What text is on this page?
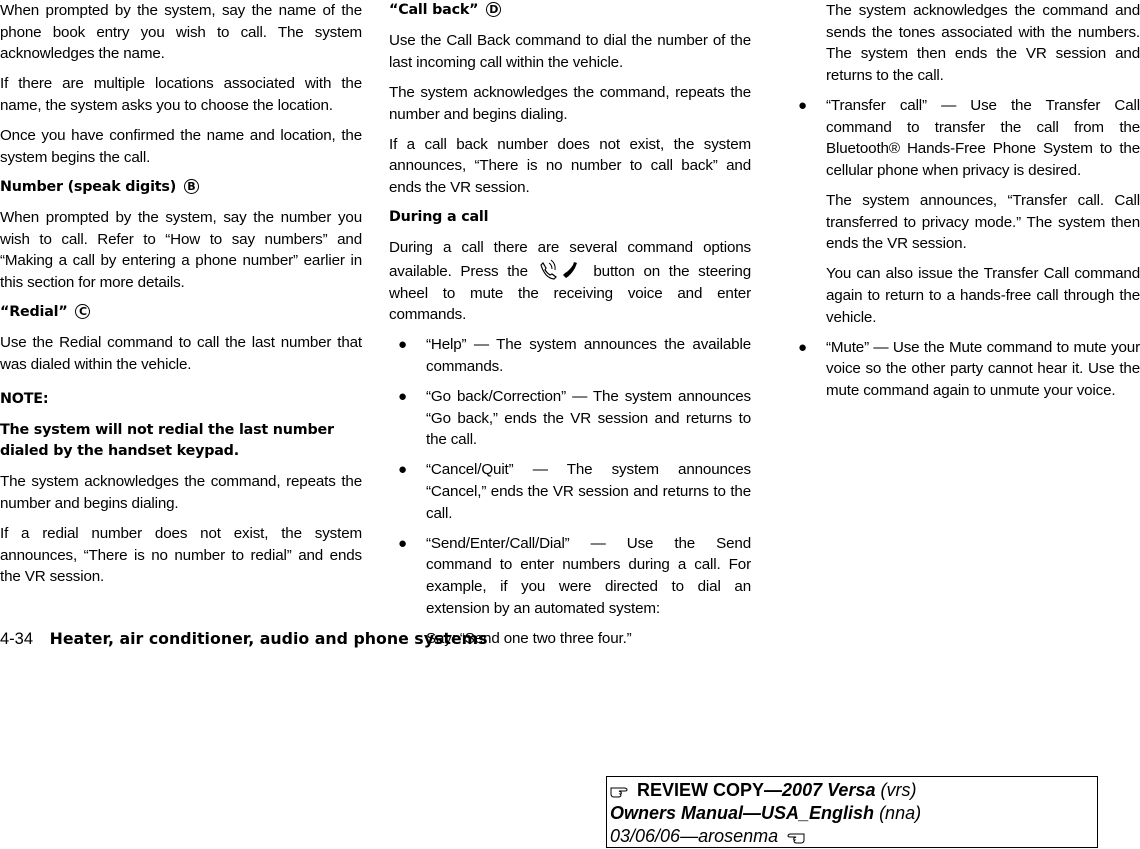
When prompted by the system, say the name of the phone book entry you wish to call. The system acknowledges the name.

If there are multiple locations associated with the name, the system asks you to choose the location.

Once you have confirmed the name and location, the system begins the call.

Number (speak digits) B

When prompted by the system, say the number you wish to call. Refer to “How to say numbers” and “Making a call by entering a phone number” earlier in this section for more details.

“Redial” C

Use the Redial command to call the last number that was dialed within the vehicle.

NOTE:
The system will not redial the last number dialed by the handset keypad.

The system acknowledges the command, repeats the number and begins dialing.

If a redial number does not exist, the system announces, “There is no number to redial” and ends the VR session.

“Call back” D

Use the Call Back command to dial the number of the last incoming call within the vehicle.

The system acknowledges the command, repeats the number and begins dialing.

If a call back number does not exist, the system announces, “There is no number to call back” and ends the VR session.

During a call

During a call there are several command options available. Press the	button on the steering wheel to mute the receiving voice and enter commands.

● “Help” — The system announces the available commands.

● “Go back/Correction” — The system announces “Go back,” ends the VR session and returns to the call.

● “Cancel/Quit” — The system announces “Cancel,” ends the VR session and returns to the call.

● “Send/Enter/Call/Dial” — Use the Send command to enter numbers during a call. For example, if you were directed to dial an extension by an automated system:

Say: “Send one two three four.”

The system acknowledges the command and sends the tones associated with the numbers. The system then ends the VR session and returns to the call.

● “Transfer call” — Use the Transfer Call command to transfer the call from the Bluetooth® Hands-Free Phone System to the cellular phone when privacy is desired.

The system announces, “Transfer call. Call transferred to privacy mode.” The system then ends the VR session.

You can also issue the Transfer Call command again to return to a hands-free call through the vehicle.

● “Mute” — Use the Mute command to mute your voice so the other party cannot hear it. Use the mute command again to unmute your voice.

4-34 Heater, air conditioner, audio and phone systems
REVIEW COPY—2007 Versa (vrs)
Owners Manual—USA_English (nna)
03/06/06—arosenma
